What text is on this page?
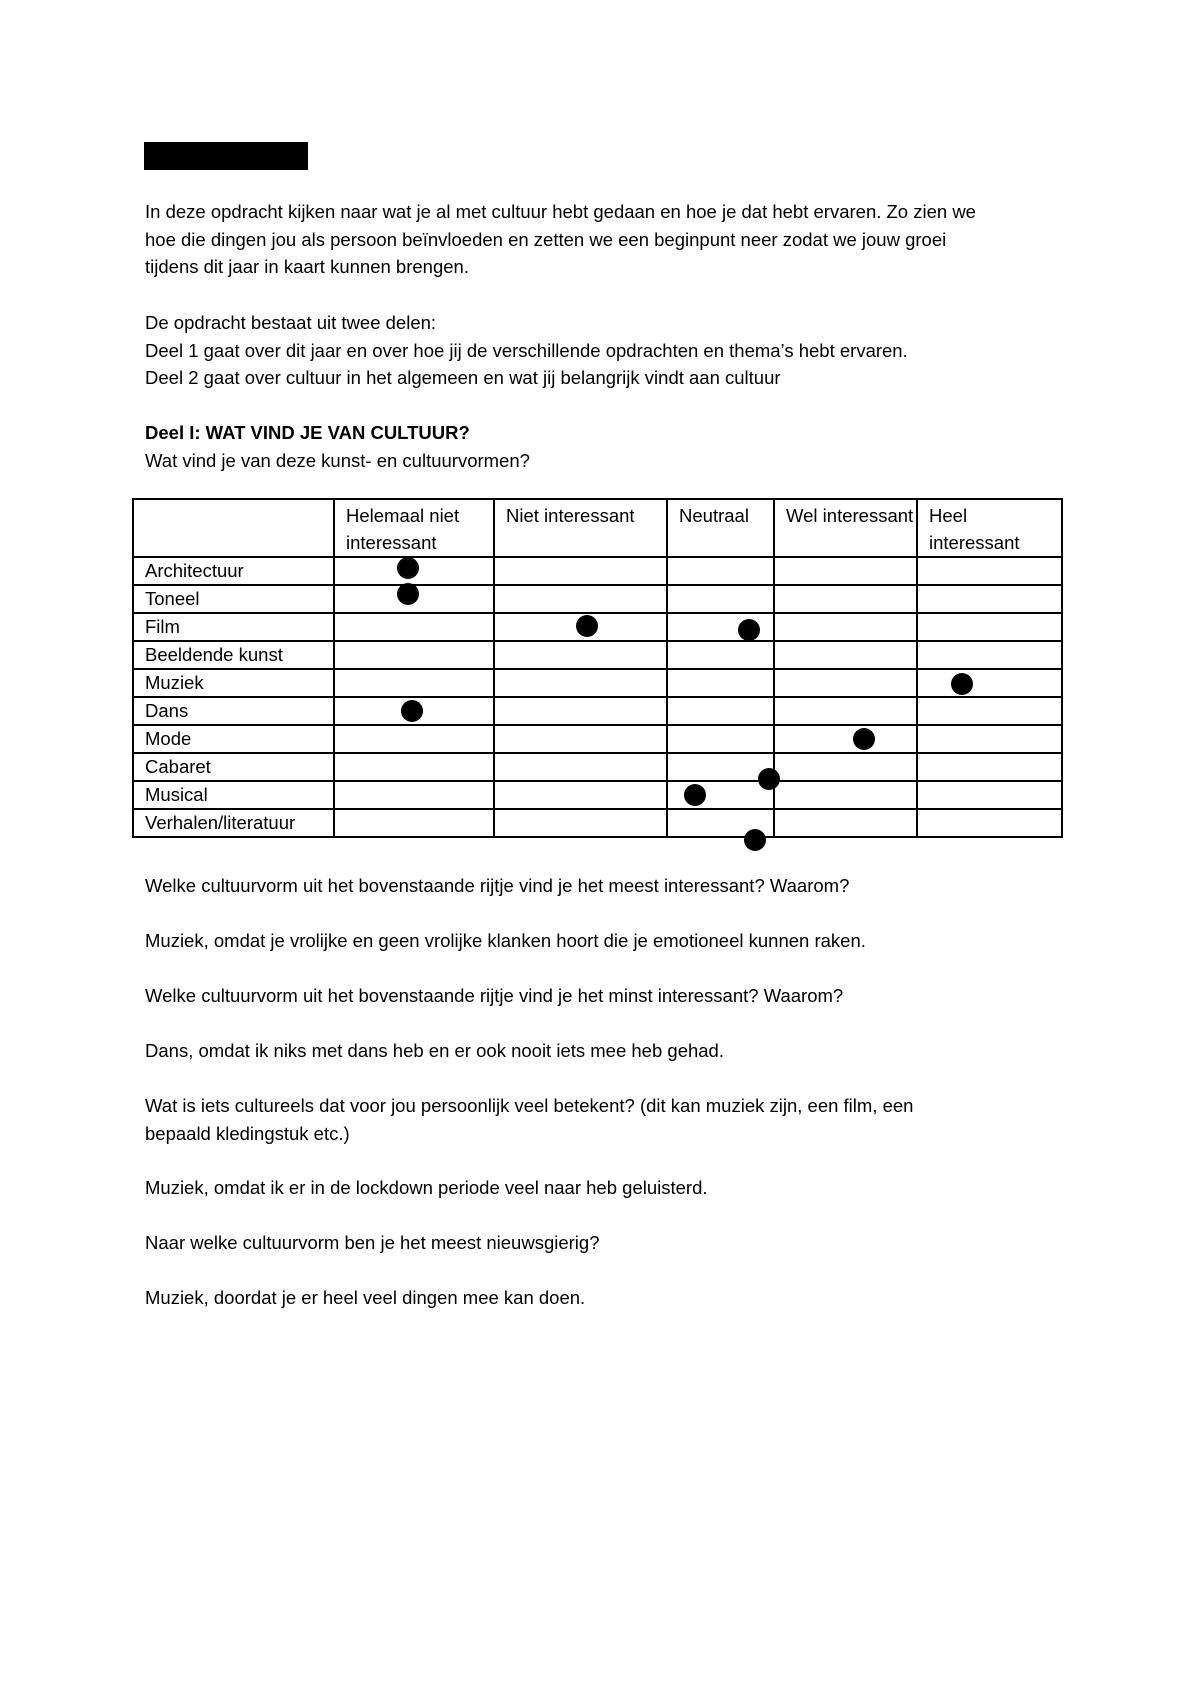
In deze opdracht kijken naar wat je al met cultuur hebt gedaan en hoe je dat hebt ervaren. Zo zien we
hoe die dingen jou als persoon beïnvloeden en zetten we een beginpunt neer zodat we jouw groei
tijdens dit jaar in kaart kunnen brengen.

De opdracht bestaat uit twee delen:
Deel 1 gaat over dit jaar en over hoe jij de verschillende opdrachten en thema’s hebt ervaren.
Deel 2 gaat over cultuur in het algemeen en wat jij belangrijk vindt aan cultuur

Deel I: WAT VIND JE VAN CULTUUR?
Wat vind je van deze kunst- en cultuurvormen?

	Helemaal niet interessant	Niet interessant	Neutraal	Wel interessant	Heel interessant
Architectuur	

Toneel	

Film			

Beeldende kunst		

Muziek					

Dans	

Mode				

Cabaret			

Musical			

Verhalen/literatuur			

Welke cultuurvorm uit het bovenstaande rijtje vind je het meest interessant? Waarom?

Muziek, omdat je vrolijke en geen vrolijke klanken hoort die je emotioneel kunnen raken.

Welke cultuurvorm uit het bovenstaande rijtje vind je het minst interessant? Waarom?

Dans, omdat ik niks met dans heb en er ook nooit iets mee heb gehad.

Wat is iets cultureels dat voor jou persoonlijk veel betekent? (dit kan muziek zijn, een film, een
bepaald kledingstuk etc.)

Muziek, omdat ik er in de lockdown periode veel naar heb geluisterd.

Naar welke cultuurvorm ben je het meest nieuwsgierig?

Muziek, doordat je er heel veel dingen mee kan doen.
